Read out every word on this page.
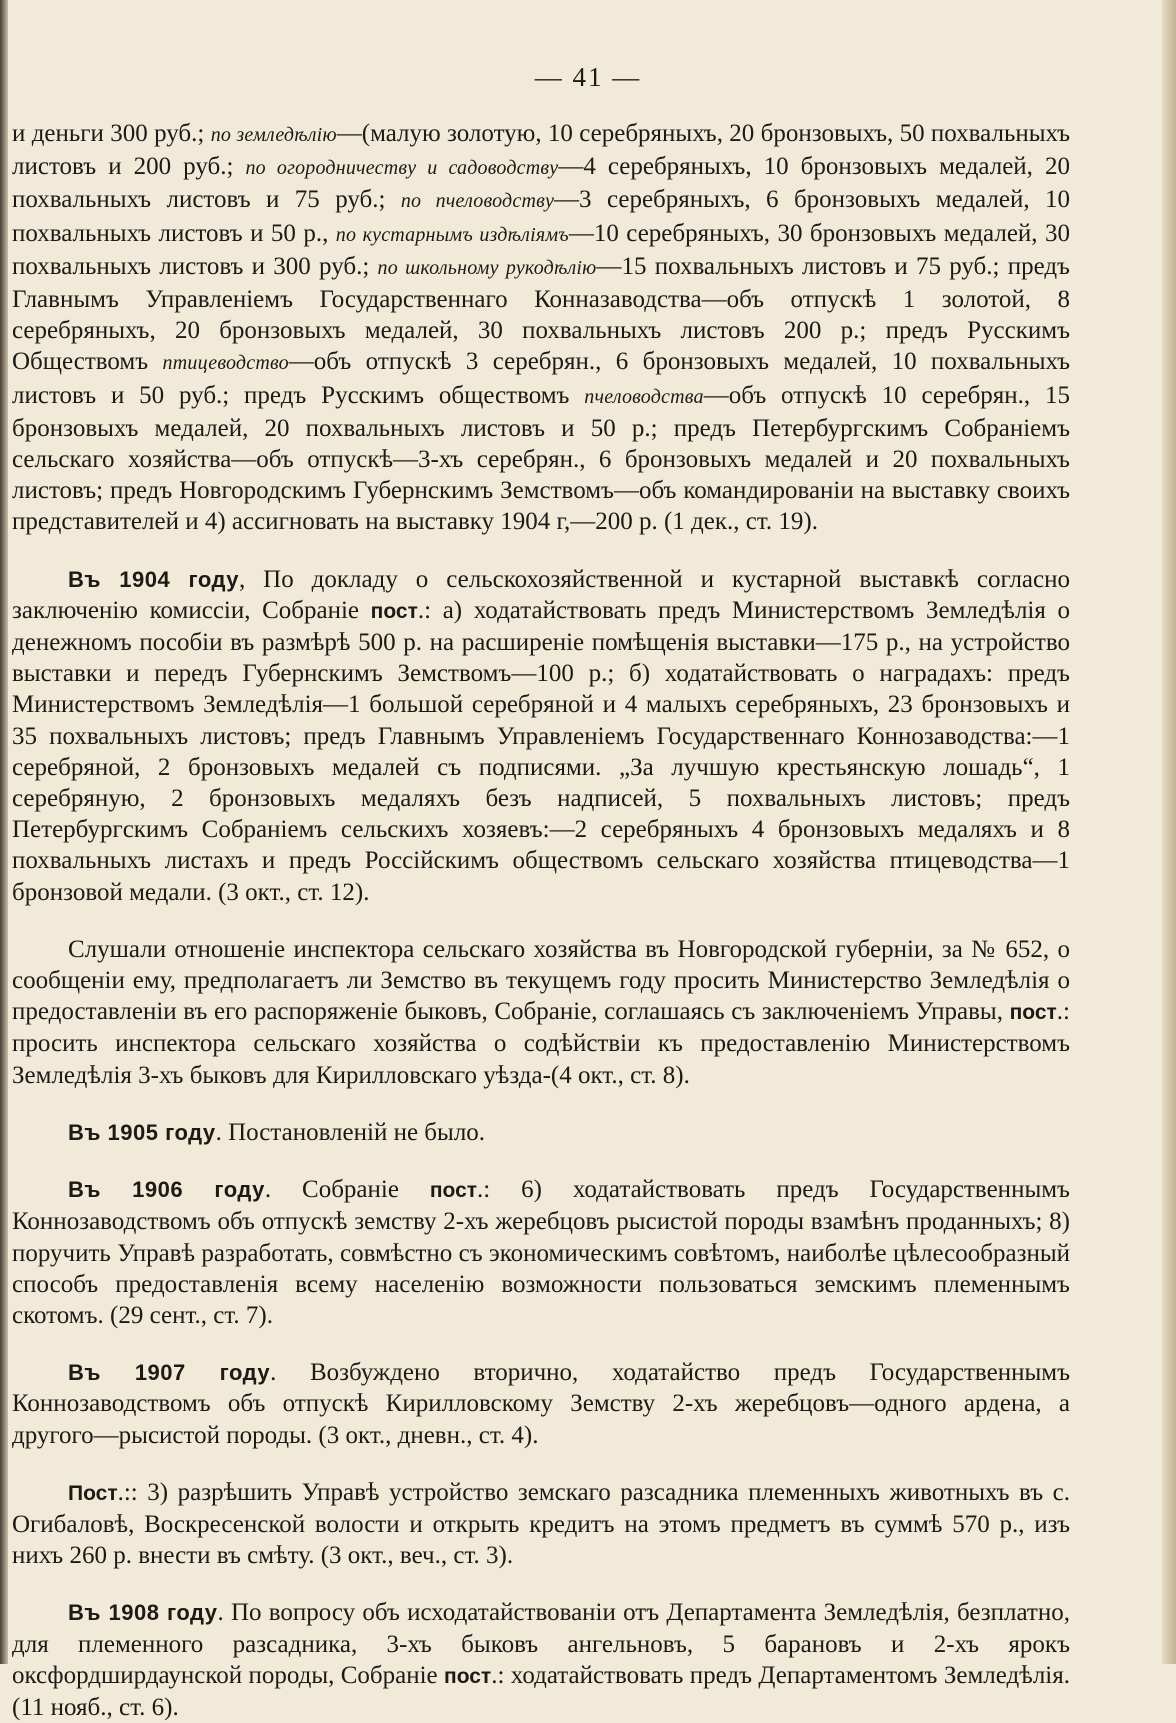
— 41 —

и деньги 300 руб.; по земледѣлію—(малую золотую, 10 серебряныхъ, 20 бронзовыхъ, 50 похвальныхъ листовъ и 200 руб.; по огородничеству и садоводству—4 серебряныхъ, 10 бронзовыхъ медалей, 20 похвальныхъ листовъ и 75 руб.; по пчеловодству—3 серебряныхъ, 6 бронзовыхъ медалей, 10 похвальныхъ листовъ и 50 р., по кустарнымъ издѣліямъ—10 серебряныхъ, 30 бронзовыхъ медалей, 30 похвальныхъ листовъ и 300 руб.; по школьному рукодѣлію—15 похвальныхъ листовъ и 75 руб.; предъ Главнымъ Управленіемъ Государственнаго Конназаводства—объ отпускѣ 1 золотой, 8 серебряныхъ, 20 бронзовыхъ медалей, 30 похвальныхъ листовъ 200 р.; предъ Русскимъ Обществомъ птицеводство—объ отпускѣ 3 серебрян., 6 бронзовыхъ медалей, 10 похвальныхъ листовъ и 50 руб.; предъ Русскимъ обществомъ пчеловодства—объ отпускѣ 10 серебрян., 15 бронзовыхъ медалей, 20 похвальныхъ листовъ и 50 р.; предъ Петербургскимъ Собраніемъ сельскаго хозяйства—объ отпускѣ—3-хъ серебрян., 6 бронзовыхъ медалей и 20 похвальныхъ листовъ; предъ Новгородскимъ Губернскимъ Земствомъ—объ командированіи на выставку своихъ представителей и 4) ассигновать на выставку 1904 г,—200 р. (1 дек., ст. 19).

Въ 1904 году, По докладу о сельскохозяйственной и кустарной выставкѣ согласно заключенію комиссіи, Собраніе пост.: а) ходатайствовать предъ Министерствомъ Земледѣлія о денежномъ пособіи въ размѣрѣ 500 р. на расширеніе помѣщенія выставки—175 р., на устройство выставки и передъ Губернскимъ Земствомъ—100 р.; б) ходатайствовать о наградахъ: предъ Министерствомъ Земледѣлія—1 большой серебряной и 4 малыхъ серебряныхъ, 23 бронзовыхъ и 35 похвальныхъ листовъ; предъ Главнымъ Управленіемъ Государственнаго Коннозаводства:—1 серебряной, 2 бронзовыхъ медалей съ подписями. „За лучшую крестьянскую лошадь“, 1 серебряную, 2 бронзовыхъ медаляхъ безъ надписей, 5 похвальныхъ листовъ; предъ Петербургскимъ Собраніемъ сельскихъ хозяевъ:—2 серебряныхъ 4 бронзовыхъ медаляхъ и 8 похвальныхъ листахъ и предъ Россійскимъ обществомъ сельскаго хозяйства птицеводства—1 бронзовой медали. (3 окт., ст. 12).

Слушали отношеніе инспектора сельскаго хозяйства въ Новгородской губерніи, за № 652, о сообщеніи ему, предполагаетъ ли Земство въ текущемъ году просить Министерство Земледѣлія о предоставленіи въ его распоряженіе быковъ, Собраніе, соглашаясь съ заключеніемъ Управы, пост.: просить инспектора сельскаго хозяйства о содѣйствіи къ предоставленію Министерствомъ Земледѣлія 3-хъ быковъ для Кирилловскаго уѣзда-(4 окт., ст. 8).

Въ 1905 году. Постановленій не было.

Въ 1906 году. Собраніе пост.: 6) ходатайствовать предъ Государственнымъ Коннозаводствомъ объ отпускѣ земству 2-хъ жеребцовъ рысистой породы взамѣнъ проданныхъ; 8) поручить Управѣ разработать, совмѣстно съ экономическимъ совѣтомъ, наиболѣе цѣлесообразный способъ предоставленія всему населенію возможности пользоваться земскимъ племеннымъ скотомъ. (29 сент., ст. 7).

Въ 1907 году. Возбуждено вторично, ходатайство предъ Государственнымъ Коннозаводствомъ объ отпускѣ Кирилловскому Земству 2-хъ жеребцовъ—одного ардена, а другого—рысистой породы. (3 окт., дневн., ст. 4).

Пост.:: 3) разрѣшить Управѣ устройство земскаго разсадника племенныхъ животныхъ въ с. Огибаловѣ, Воскресенской волости и открыть кредитъ на этомъ предметъ въ суммѣ 570 р., изъ нихъ 260 р. внести въ смѣту. (3 окт., веч., ст. 3).

Въ 1908 году. По вопросу объ исходатайствованіи отъ Департамента Земледѣлія, безплатно, для племенного разсадника, 3-хъ быковъ ангельновъ, 5 барановъ и 2-хъ ярокъ оксфордширдаунской породы, Собраніе пост.: ходатайствовать предъ Департаментомъ Земледѣлія. (11 нояб., ст. 6).
